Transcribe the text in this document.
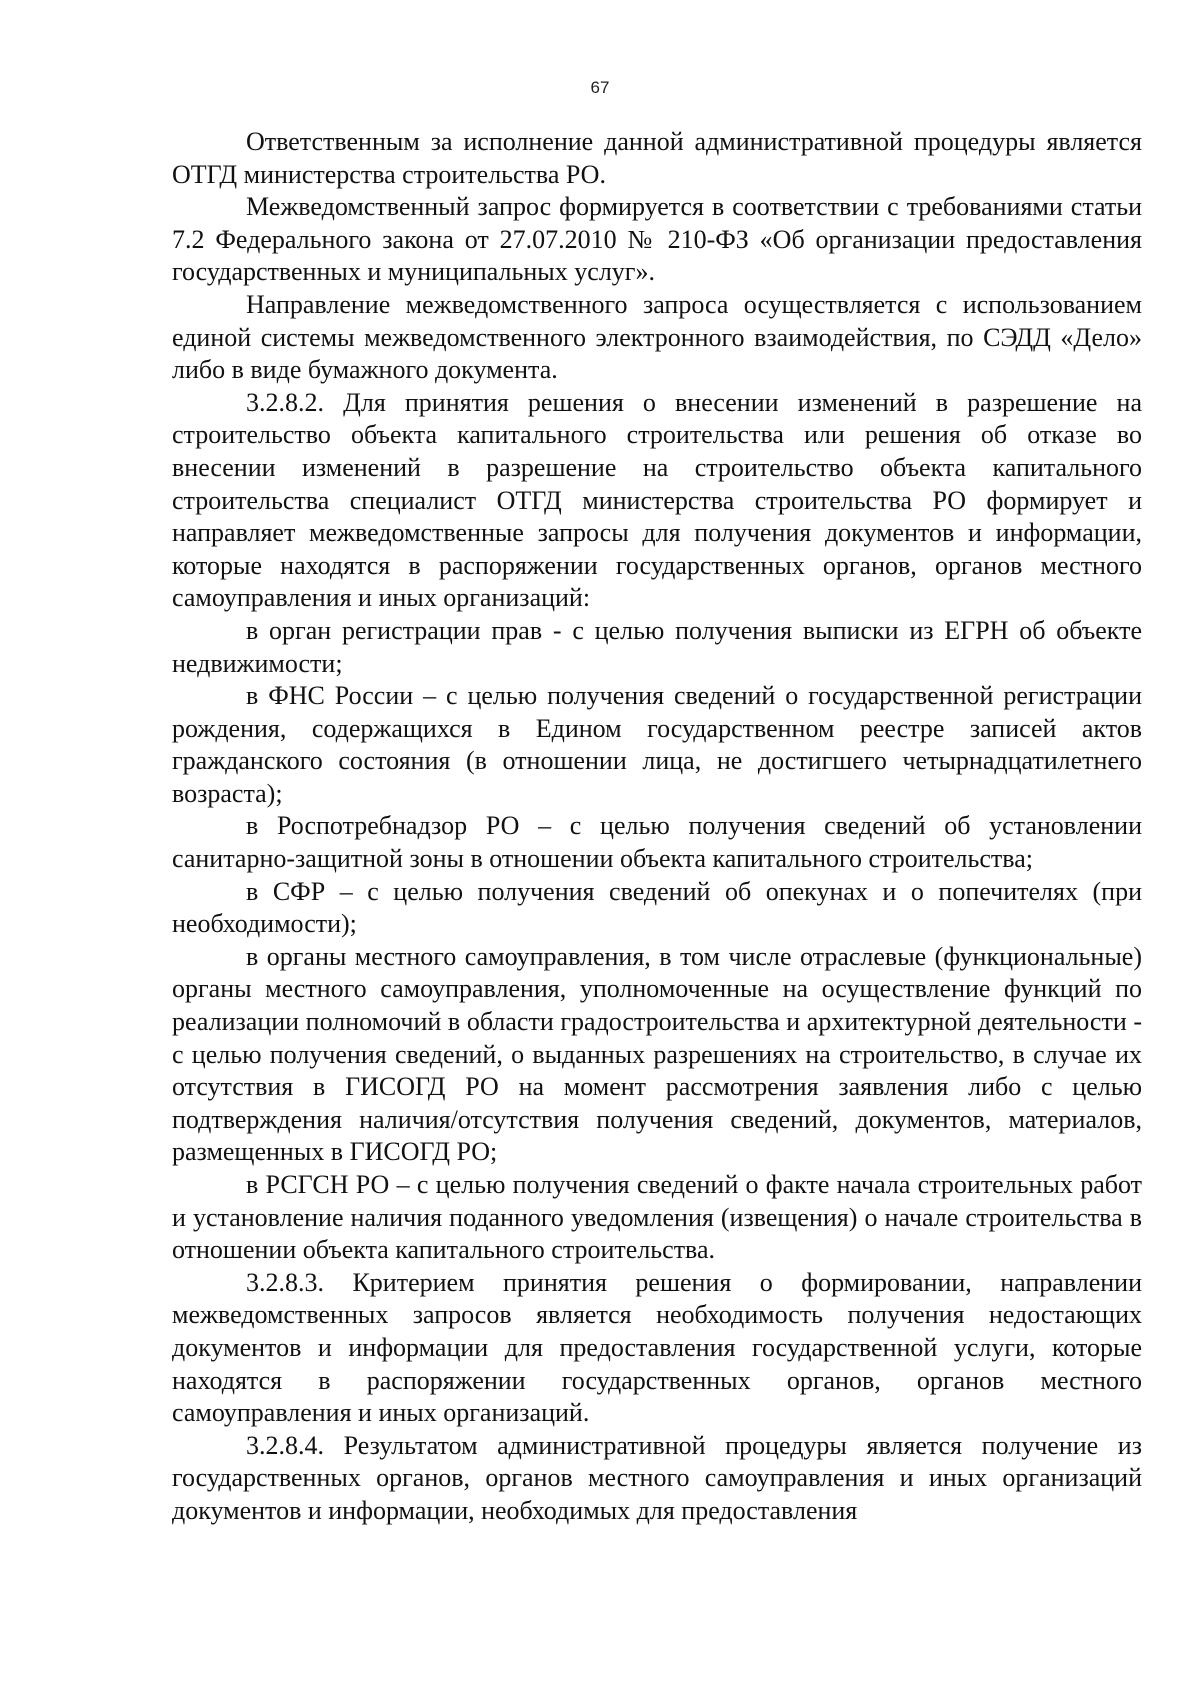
67

Ответственным за исполнение данной административной процедуры является ОТГД министерства строительства РО.

Межведомственный запрос формируется в соответствии с требованиями статьи 7.2 Федерального закона от 27.07.2010 № 210-ФЗ «Об организации предоставления государственных и муниципальных услуг».

Направление межведомственного запроса осуществляется с использованием единой системы межведомственного электронного взаимодействия, по СЭДД «Дело» либо в виде бумажного документа.

3.2.8.2. Для принятия решения о внесении изменений в разрешение на строительство объекта капитального строительства или решения об отказе во внесении изменений в разрешение на строительство объекта капитального строительства специалист ОТГД министерства строительства РО формирует и направляет межведомственные запросы для получения документов и информации, которые находятся в распоряжении государственных органов, органов местного самоуправления и иных организаций:

в орган регистрации прав - с целью получения выписки из ЕГРН об объекте недвижимости;

в ФНС России – с целью получения сведений о государственной регистрации рождения, содержащихся в Едином государственном реестре записей актов гражданского состояния (в отношении лица, не достигшего четырнадцатилетнего возраста);

в Роспотребнадзор РО – с целью получения сведений об установлении санитарно-защитной зоны в отношении объекта капитального строительства;

в СФР – с целью получения сведений об опекунах и о попечителях (при необходимости);

в органы местного самоуправления, в том числе отраслевые (функциональные) органы местного самоуправления, уполномоченные на осуществление функций по реализации полномочий в области градостроительства и архитектурной деятельности - с целью получения сведений, о выданных разрешениях на строительство, в случае их отсутствия в ГИСОГД РО на момент рассмотрения заявления либо с целью подтверждения наличия/отсутствия получения сведений, документов, материалов, размещенных в ГИСОГД РО;

в РСГСН РО – с целью получения сведений о факте начала строительных работ и установление наличия поданного уведомления (извещения) о начале строительства в отношении объекта капитального строительства.

3.2.8.3. Критерием принятия решения о формировании, направлении межведомственных запросов является необходимость получения недостающих документов и информации для предоставления государственной услуги, которые находятся в распоряжении государственных органов, органов местного самоуправления и иных организаций.

3.2.8.4. Результатом административной процедуры является получение из государственных органов, органов местного самоуправления и иных организаций документов и информации, необходимых для предоставления
